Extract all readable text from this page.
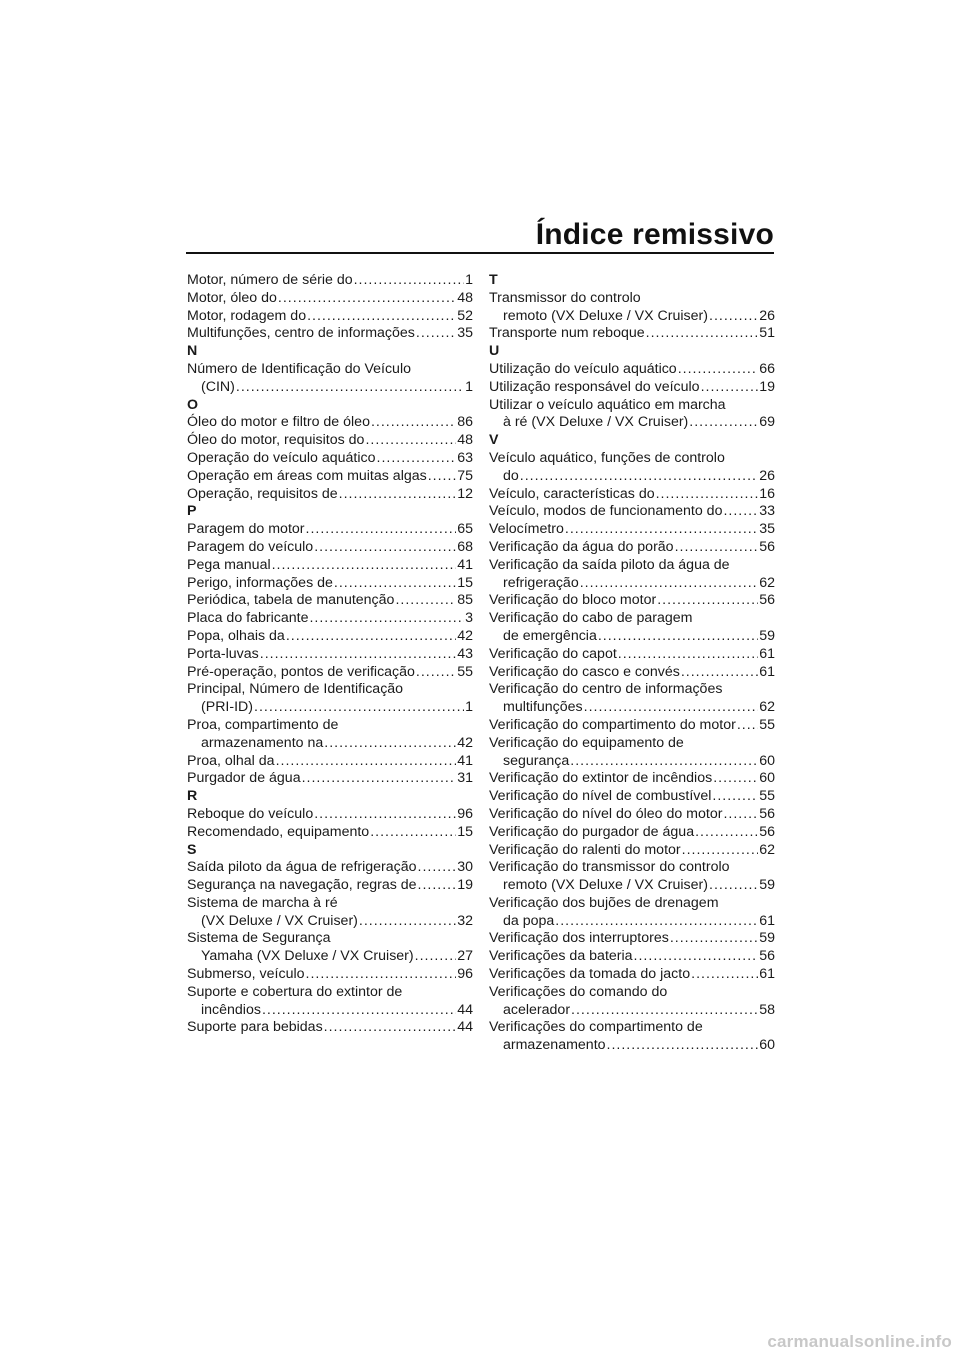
Índice remissivo
Motor, número de série do .....	1
Motor, óleo do .....	48
Motor, rodagem do .....	52
Multifunções, centro de informações .....	35
N
Número de Identificação do Veículo
(CIN) .....	1
O
Óleo do motor e filtro de óleo .....	86
Óleo do motor, requisitos do .....	48
Operação do veículo aquático .....	63
Operação em áreas com muitas algas ..... 75
Operação, requisitos de .....	12
P
Paragem do motor .....	65
Paragem do veículo .....	68
Pega manual .....	41
Perigo, informações de .....	15
Periódica, tabela de manutenção .....	85
Placa do fabricante .....	3
Popa, olhais da .....	42
Porta-luvas .....	43
Pré-operação, pontos de verificação .....	55
Principal, Número de Identificação
(PRI-ID) .....	1
Proa, compartimento de
armazenamento na .....	42
Proa, olhal da .....	41
Purgador de água .....	31
R
Reboque do veículo .....	96
Recomendado, equipamento .....	15
S
Saída piloto da água de refrigeração .....	30
Segurança na navegação, regras de .....	19
Sistema de marcha à ré
(VX Deluxe / VX Cruiser) .....	32
Sistema de Segurança
Yamaha (VX Deluxe / VX Cruiser) .....	27
Submerso, veículo .....	96
Suporte e cobertura do extintor de
incêndios .....	44
Suporte para bebidas .....	44
T
Transmissor do controlo
remoto (VX Deluxe / VX Cruiser) .....	26
Transporte num reboque .....	51
U
Utilização do veículo aquático .....	66
Utilização responsável do veículo .....	19
Utilizar o veículo aquático em marcha
à ré (VX Deluxe / VX Cruiser) .....	69
V
Veículo aquático, funções de controlo
do .....	26
Veículo, características do .....	16
Veículo, modos de funcionamento do .....	33
Velocímetro .....	35
Verificação da água do porão .....	56
Verificação da saída piloto da água de
refrigeração .....	62
Verificação do bloco motor .....	56
Verificação do cabo de paragem
de emergência .....	59
Verificação do capot .....	61
Verificação do casco e convés .....	61
Verificação do centro de informações
multifunções .....	62
Verificação do compartimento do motor ..... 55
Verificação do equipamento de
segurança .....	60
Verificação do extintor de incêndios .....	60
Verificação do nível de combustível .....	55
Verificação do nível do óleo do motor .....	56
Verificação do purgador de água .....	56
Verificação do ralenti do motor .....	62
Verificação do transmissor do controlo
remoto (VX Deluxe / VX Cruiser) .....	59
Verificação dos bujões de drenagem
da popa .....	61
Verificação dos interruptores .....	59
Verificações da bateria .....	56
Verificações da tomada do jacto .....	61
Verificações do comando do
acelerador .....	58
Verificações do compartimento de
armazenamento .....	60
carmanualsonline.info
